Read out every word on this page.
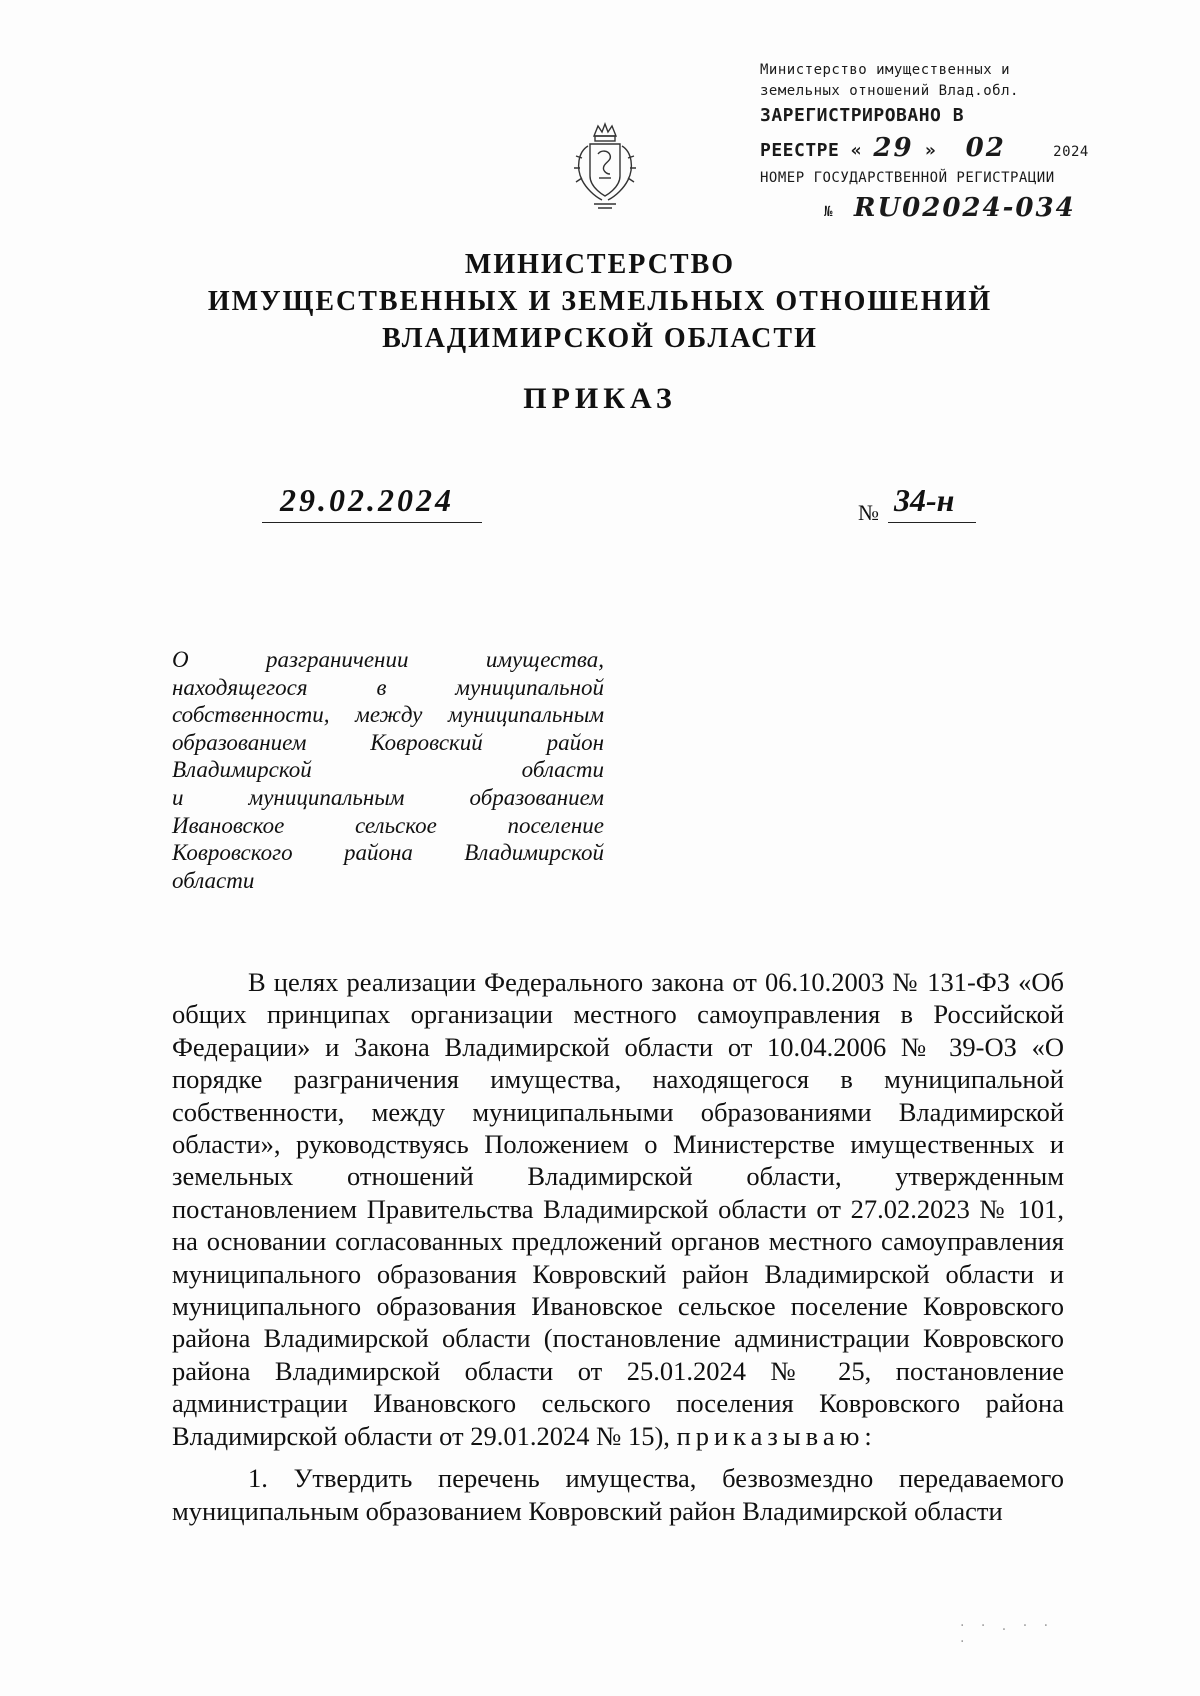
Министерство имущественных и
земельных отношений Влад.обл.
ЗАРЕГИСТРИРОВАНО В
РЕЕСТРЕ « 29 » 02	2024
НОМЕР ГОСУДАРСТВЕННОЙ РЕГИСТРАЦИИ
№ RU02024-034
МИНИСТЕРСТВО
ИМУЩЕСТВЕННЫХ И ЗЕМЕЛЬНЫХ ОТНОШЕНИЙ
ВЛАДИМИРСКОЙ ОБЛАСТИ
ПРИКАЗ
29.02.2024	№ 34-н
О разграничении имущества,
находящегося в муниципальной
собственности, между муниципальным
образованием Ковровский район
Владимирской области
и муниципальным образованием
Ивановское сельское поселение
Ковровского района Владимирской
области

В целях реализации Федерального закона от 06.10.2003 № 131-ФЗ «Об общих принципах организации местного самоуправления в Российской Федерации» и Закона Владимирской области от 10.04.2006 № 39-ОЗ «О порядке разграничения имущества, находящегося в муниципальной собственности, между муниципальными образованиями Владимирской области», руководствуясь Положением о Министерстве имущественных и земельных отношений Владимирской области, утвержденным постановлением Правительства Владимирской области от 27.02.2023 № 101, на основании согласованных предложений органов местного самоуправления муниципального образования Ковровский район Владимирской области и муниципального образования Ивановское сельское поселение Ковровского района Владимирской области (постановление администрации Ковровского района Владимирской области от 25.01.2024 № 25, постановление администрации Ивановского сельского поселения Ковровского района Владимирской области от 29.01.2024 № 15), приказываю:

1. Утвердить перечень имущества, безвозмездно передаваемого муниципальным образованием Ковровский район Владимирской области

· · . · · ·
